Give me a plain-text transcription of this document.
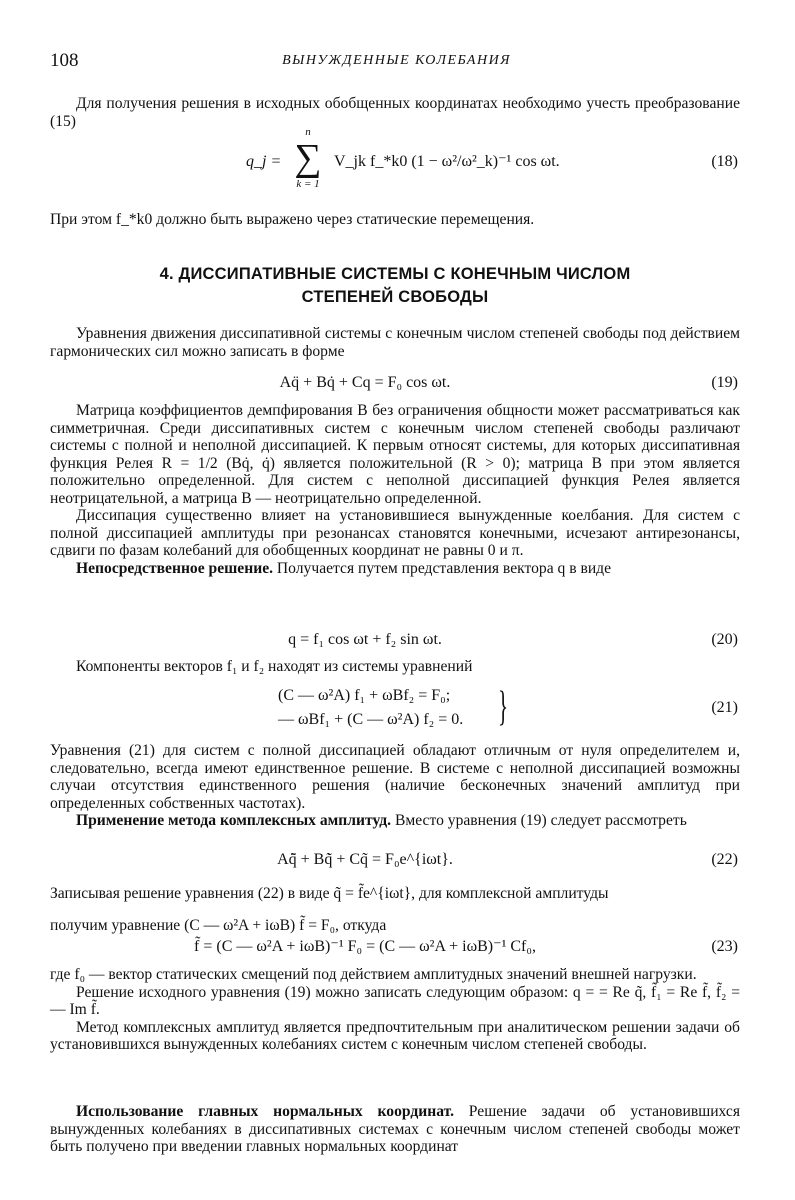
108	ВЫНУЖДЕННЫЕ КОЛЕБАНИЯ

Для получения решения в исходных обобщенных координатах необходимо учесть преобразование (15)

n
∑
k = 1
q_j =	V_jk f_*k0 (1 − ω²/ω²_k)⁻¹ cos ωt.	(18)

При этом f_*k0 должно быть выражено через статические перемещения.

4. ДИССИПАТИВНЫЕ СИСТЕМЫ С КОНЕЧНЫМ ЧИСЛОМ
СТЕПЕНЕЙ СВОБОДЫ

Уравнения движения диссипативной системы с конечным числом степеней свободы под действием гармонических сил можно записать в форме

Aq̈ + Bq̇ + Cq = F₀ cos ωt.	(19)

Матрица коэффициентов демпфирования B без ограничения общности может рассматриваться как симметричная. Среди диссипативных систем с конечным числом степеней свободы различают системы с полной и неполной диссипацией. К первым относят системы, для которых диссипативная функция Релея R = 1/2 (Bq̇, q̇) является положительной (R > 0); матрица B при этом является положительно определенной. Для систем с неполной диссипацией функция Релея является неотрицательной, а матрица B — неотрицательно определенной.

Диссипация существенно влияет на установившиеся вынужденные коелбания. Для систем с полной диссипацией амплитуды при резонансах становятся конечными, исчезают антирезонансы, сдвиги по фазам колебаний для обобщенных координат не равны 0 и π.

Непосредственное решение. Получается путем представления вектора q в виде

q = f₁ cos ωt + f₂ sin ωt.	(20)

Компоненты векторов f₁ и f₂ находят из системы уравнений

(C — ω²A) f₁ + ωBf₂ = F₀;
— ωBf₁ + (C — ω²A) f₂ = 0. }	(21)

Уравнения (21) для систем с полной диссипацией обладают отличным от нуля определителем и, следовательно, всегда имеют единственное решение. В системе с неполной диссипацией возможны случаи отсутствия единственного решения (наличие бесконечных значений амплитуд при определенных собственных частотах).

Применение метода комплексных амплитуд. Вместо уравнения (19) следует рассмотреть

Aq̃̈ + Bq̃̇ + Cq̃ = F₀e^{iωt}.	(22)

Записывая решение уравнения (22) в виде q̃ = f̃e^{iωt}, для комплексной амплитуды

получим уравнение (C — ω²A + iωB) f̃ = F₀, откуда

f̃ = (C — ω²A + iωB)⁻¹ F₀ = (C — ω²A + iωB)⁻¹ Cf₀,	(23)

где f₀ — вектор статических смещений под действием амплитудных значений внешней нагрузки.

Решение исходного уравнения (19) можно записать следующим образом: q = = Re q̃, f̃₁ = Re f̃, f̃₂ = — Im f̃.

Метод комплексных амплитуд является предпочтительным при аналитическом решении задачи об установившихся вынужденных колебаниях систем с конечным числом степеней свободы.

Использование главных нормальных координат. Решение задачи об установившихся вынужденных колебаниях в диссипативных системах с конечным числом степеней свободы может быть получено при введении главных нормальных координат
